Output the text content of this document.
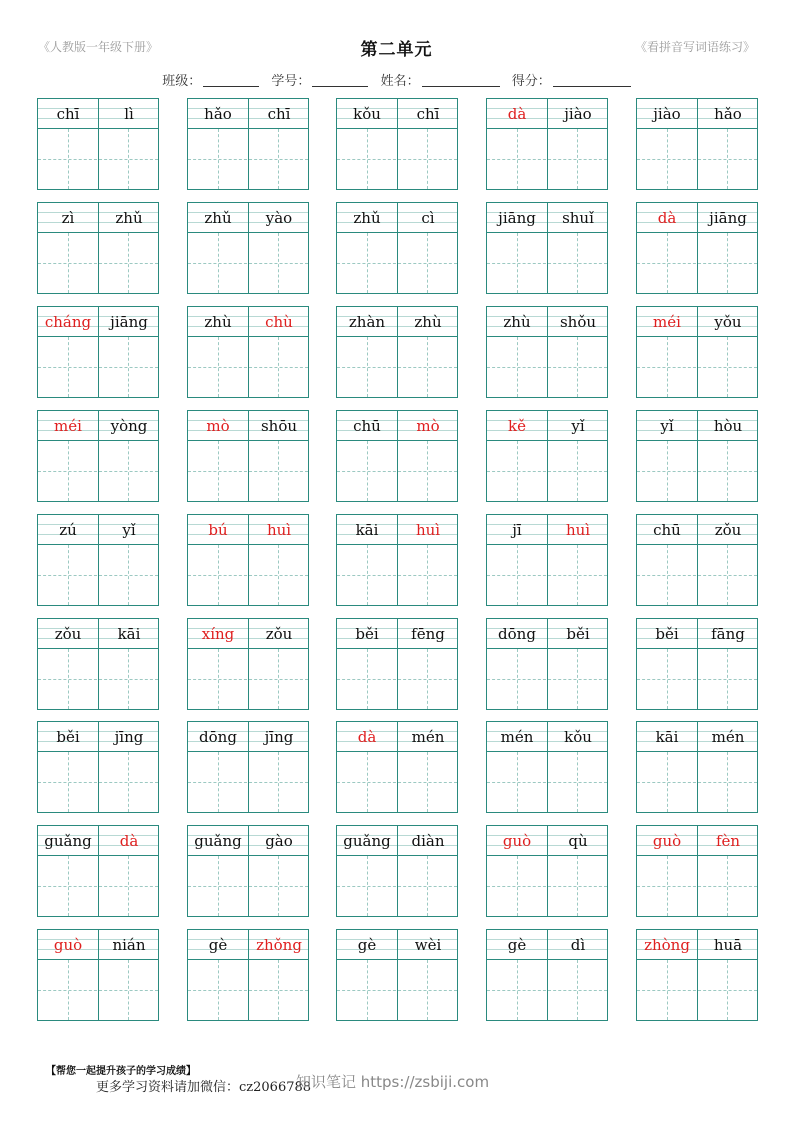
《人教版一年级下册》	第二单元	《看拼音写词语练习》
班级：	学号：	姓名：	得分：
chī	lì	hǎo	chī	kǒu	chī	dà	jiào	jiào	hǎo
zì	zhǔ	zhǔ	yào	zhǔ	cì	jiāng	shuǐ	dà	jiāng
cháng	jiāng	zhù	chù	zhàn	zhù	zhù	shǒu	méi	yǒu
méi	yòng	mò	shōu	chū	mò	kě	yǐ	yǐ	hòu
zú	yǐ	bú	huì	kāi	huì	jī	huì	chū	zǒu
zǒu	kāi	xíng	zǒu	běi	fēng	dōng	běi	běi	fāng
běi	jīng	dōng	jīng	dà	mén	mén	kǒu	kāi	mén
guǎng	dà	guǎng	gào	guǎng	diàn	guò	qù	guò	fèn
guò	nián	gè	zhǒng	gè	wèi	gè	dì	zhòng	huā
【帮您一起提升孩子的学习成绩】
更多学习资料请加微信：cz2066788
知识笔记 https://zsbiji.com
